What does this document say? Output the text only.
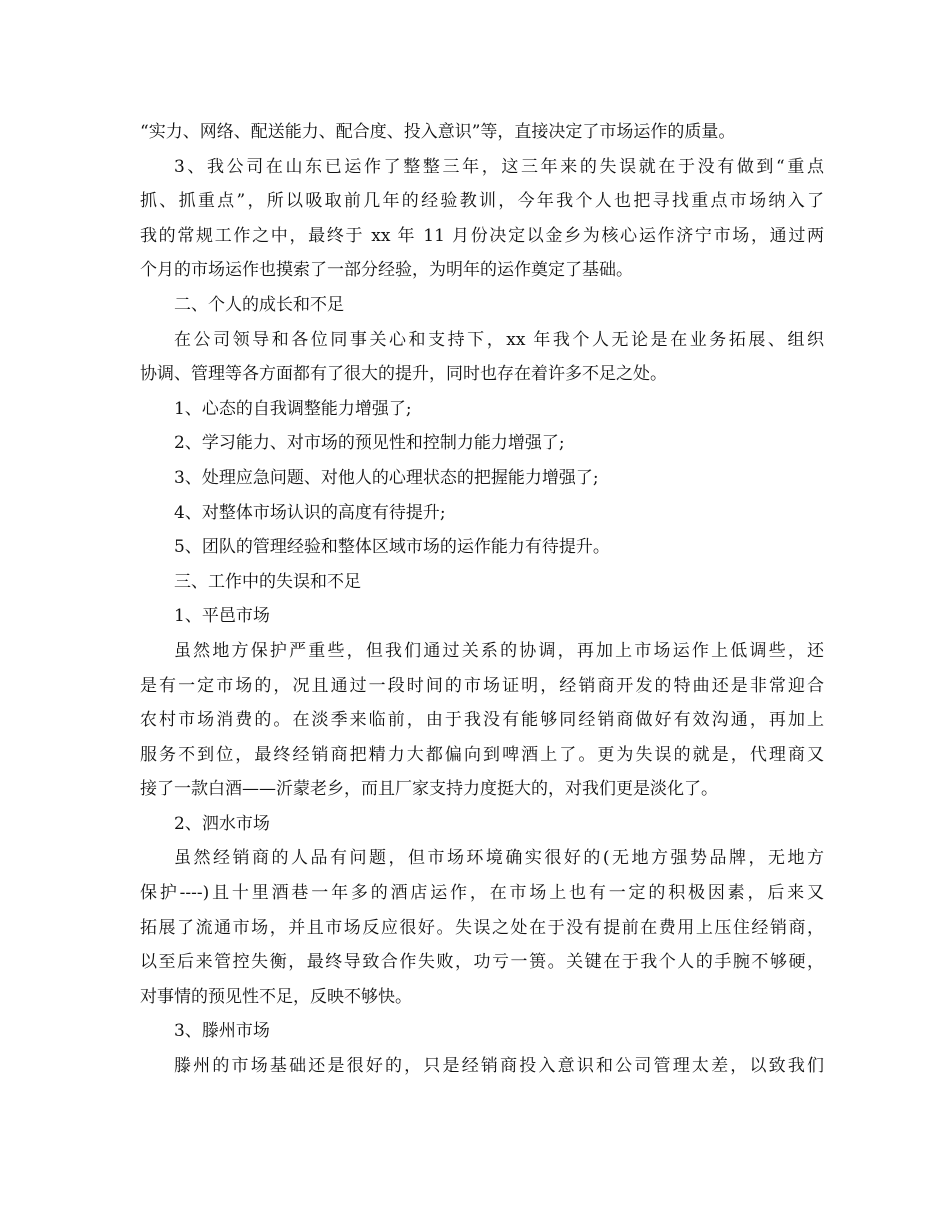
“实力、网络、配送能力、配合度、投入意识”等，直接决定了市场运作的质量。
3、我公司在山东已运作了整整三年，这三年来的失误就在于没有做到“重点
抓、抓重点”，所以吸取前几年的经验教训，今年我个人也把寻找重点市场纳入了
我的常规工作之中，最终于 xx 年 11 月份决定以金乡为核心运作济宁市场，通过两
个月的市场运作也摸索了一部分经验，为明年的运作奠定了基础。
二、个人的成长和不足
在公司领导和各位同事关心和支持下，xx 年我个人无论是在业务拓展、组织
协调、管理等各方面都有了很大的提升，同时也存在着许多不足之处。
1、心态的自我调整能力增强了;
2、学习能力、对市场的预见性和控制力能力增强了;
3、处理应急问题、对他人的心理状态的把握能力增强了;
4、对整体市场认识的高度有待提升;
5、团队的管理经验和整体区域市场的运作能力有待提升。
三、工作中的失误和不足
1、平邑市场
虽然地方保护严重些，但我们通过关系的协调，再加上市场运作上低调些，还
是有一定市场的，况且通过一段时间的市场证明，经销商开发的特曲还是非常迎合
农村市场消费的。在淡季来临前，由于我没有能够同经销商做好有效沟通，再加上
服务不到位，最终经销商把精力大都偏向到啤酒上了。更为失误的就是，代理商又
接了一款白酒——沂蒙老乡，而且厂家支持力度挺大的，对我们更是淡化了。
2、泗水市场
虽然经销商的人品有问题，但市场环境确实很好的(无地方强势品牌，无地方
保护----)且十里酒巷一年多的酒店运作，在市场上也有一定的积极因素，后来又
拓展了流通市场，并且市场反应很好。失误之处在于没有提前在费用上压住经销商，
以至后来管控失衡，最终导致合作失败，功亏一篑。关键在于我个人的手腕不够硬，
对事情的预见性不足，反映不够快。
3、滕州市场
滕州的市场基础还是很好的，只是经销商投入意识和公司管理太差，以致我们
